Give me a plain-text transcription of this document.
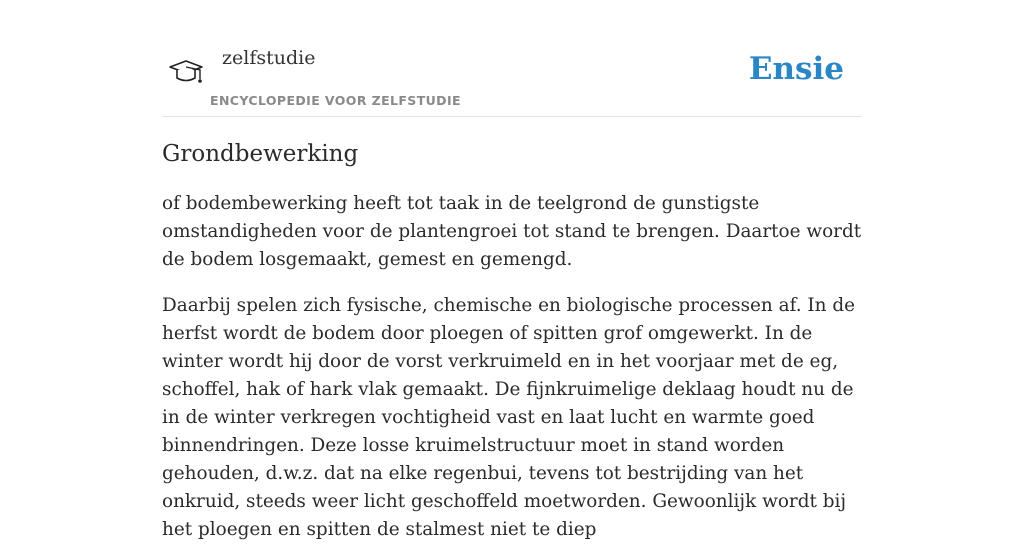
zelfstudie
ENCYCLOPEDIE VOOR ZELFSTUDIE
Ensie
Grondbewerking

of bodembewerking heeft tot taak in de teelgrond de gunstigste omstandigheden voor de plantengroei tot stand te brengen. Daartoe wordt de bodem losgemaakt, gemest en gemengd.

Daarbij spelen zich fysische, chemische en biologische processen af. In de herfst wordt de bodem door ploegen of spitten grof omgewerkt. In de winter wordt hij door de vorst verkruimeld en in het voorjaar met de eg, schoffel, hak of hark vlak gemaakt. De fijnkruimelige deklaag houdt nu de in de winter verkregen vochtigheid vast en laat lucht en warmte goed binnendringen. Deze losse kruimelstructuur moet in stand worden gehouden, d.w.z. dat na elke regenbui, tevens tot bestrijding van het onkruid, steeds weer licht geschoffeld moetworden. Gewoonlijk wordt bij het ploegen en spitten de stalmest niet te diep
